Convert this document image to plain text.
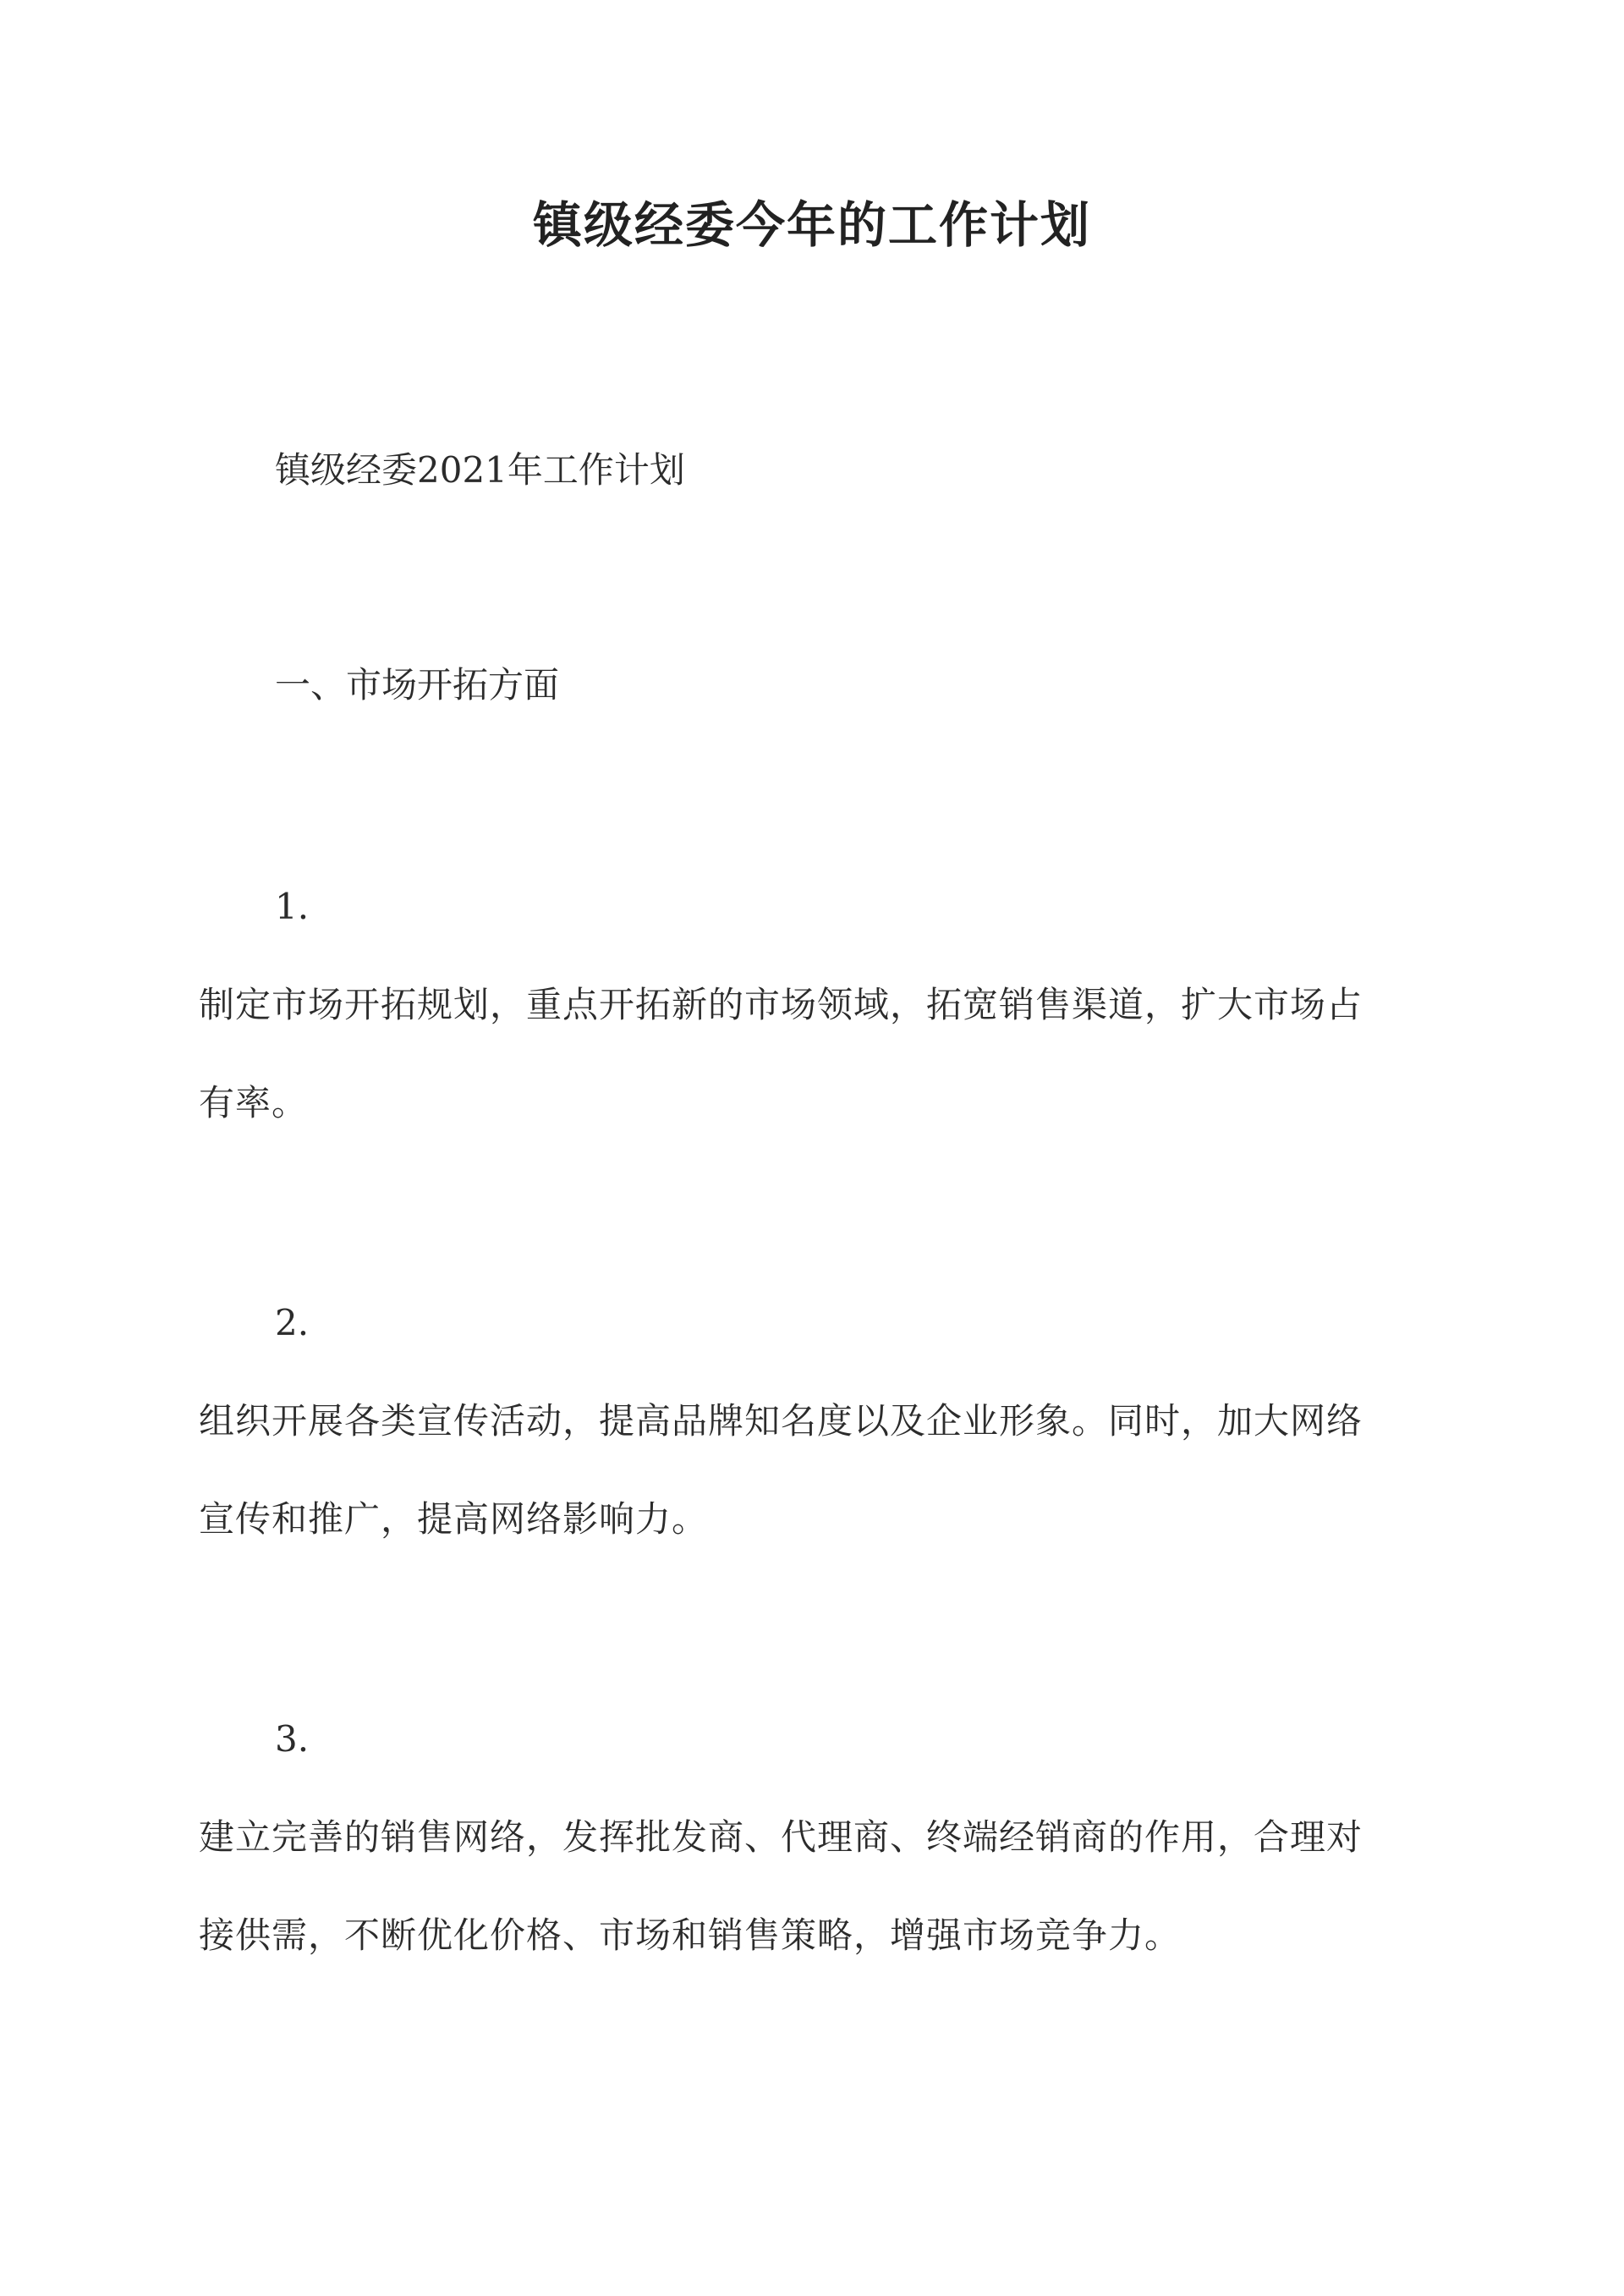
镇级经委今年的工作计划
镇级经委2021年工作计划
一、市场开拓方面
1.
制定市场开拓规划，重点开拓新的市场领域，拓宽销售渠道，扩大市场占
有率。
2.
组织开展各类宣传活动，提高品牌知名度以及企业形象。同时，加大网络
宣传和推广，提高网络影响力。
3.
建立完善的销售网络，发挥批发商、代理商、终端经销商的作用，合理对
接供需，不断优化价格、市场和销售策略，增强市场竞争力。
